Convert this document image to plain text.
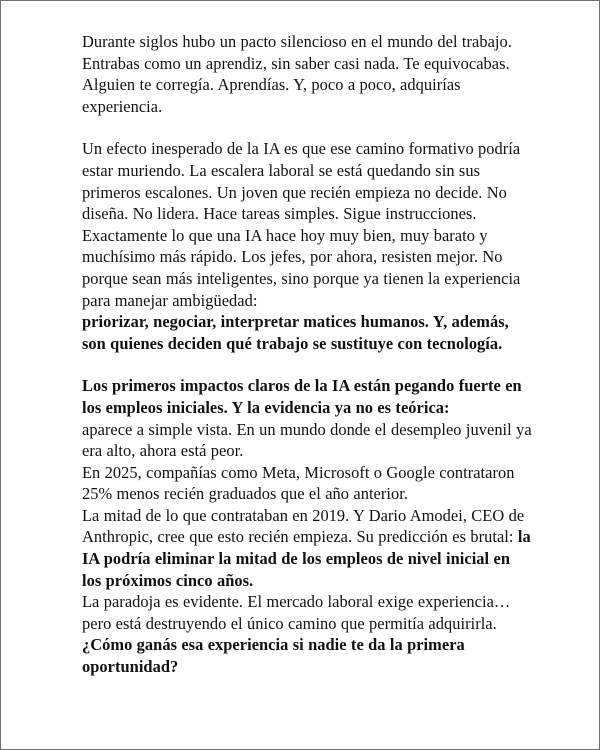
Durante siglos hubo un pacto silencioso en el mundo del trabajo. Entrabas como un aprendiz, sin saber casi nada. Te equivocabas. Alguien te corregía. Aprendías. Y, poco a poco, adquirías experiencia.

Un efecto inesperado de la IA es que ese camino formativo podría estar muriendo. La escalera laboral se está quedando sin sus primeros escalones. Un joven que recién empieza no decide. No diseña. No lidera. Hace tareas simples. Sigue instrucciones. Exactamente lo que una IA hace hoy muy bien, muy barato y muchísimo más rápido. Los jefes, por ahora, resisten mejor. No porque sean más inteligentes, sino porque ya tienen la experiencia para manejar ambigüedad:
priorizar, negociar, interpretar matices humanos. Y, además, son quienes deciden qué trabajo se sustituye con tecnología.

Los primeros impactos claros de la IA están pegando fuerte en los empleos iniciales. Y la evidencia ya no es teórica:
aparece a simple vista. En un mundo donde el desempleo juvenil ya era alto, ahora está peor.
En 2025, compañías como Meta, Microsoft o Google contrataron 25% menos recién graduados que el año anterior.
La mitad de lo que contrataban en 2019. Y Dario Amodei, CEO de Anthropic, cree que esto recién empieza. Su predicción es brutal: la IA podría eliminar la mitad de los empleos de nivel inicial en los próximos cinco años.
La paradoja es evidente. El mercado laboral exige experiencia… pero está destruyendo el único camino que permitía adquirirla.
¿Cómo ganás esa experiencia si nadie te da la primera oportunidad?
